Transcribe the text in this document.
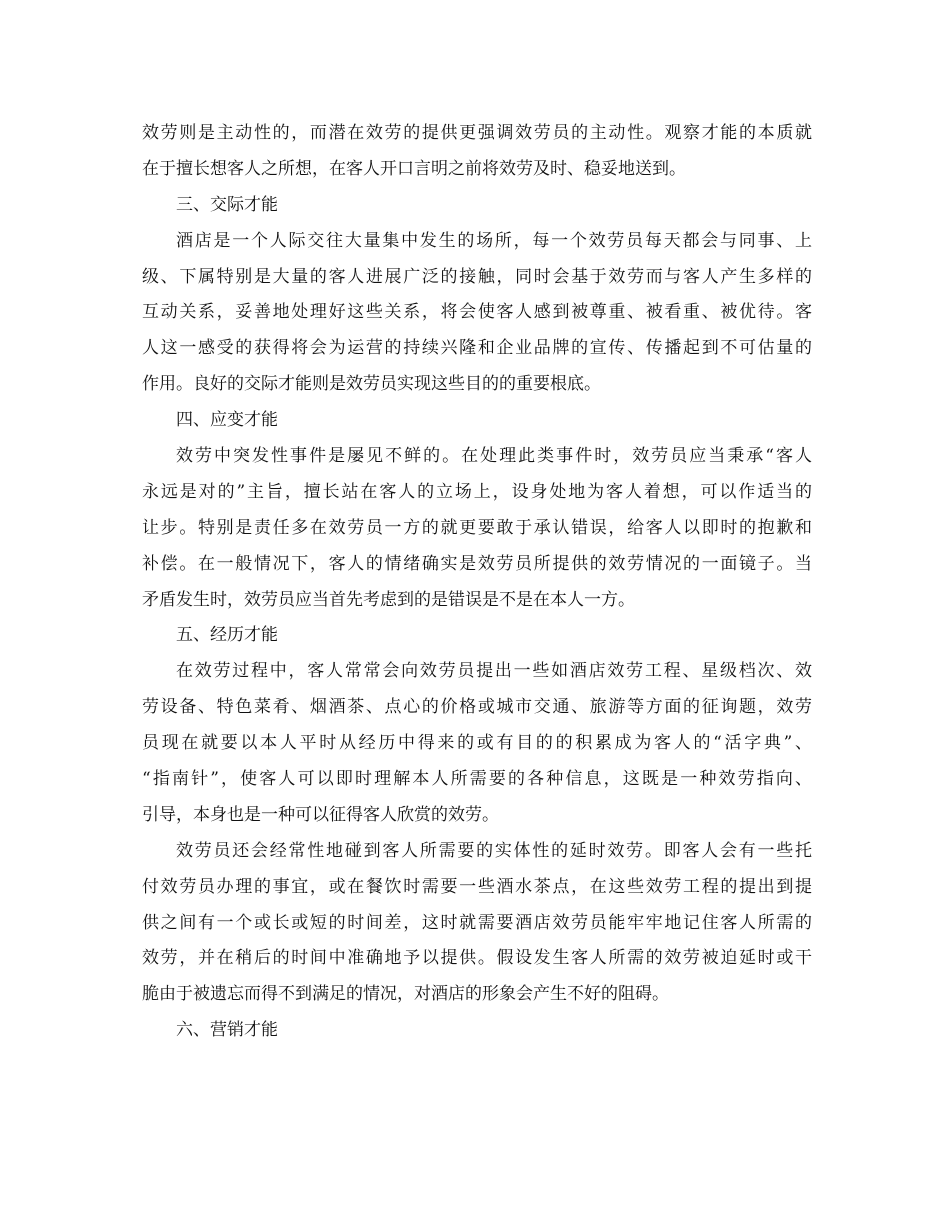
效劳则是主动性的，而潜在效劳的提供更强调效劳员的主动性。观察才能的本质就
在于擅长想客人之所想，在客人开口言明之前将效劳及时、稳妥地送到。
三、交际才能
酒店是一个人际交往大量集中发生的场所，每一个效劳员每天都会与同事、上
级、下属特别是大量的客人进展广泛的接触，同时会基于效劳而与客人产生多样的
互动关系，妥善地处理好这些关系，将会使客人感到被尊重、被看重、被优待。客
人这一感受的获得将会为运营的持续兴隆和企业品牌的宣传、传播起到不可估量的
作用。良好的交际才能则是效劳员实现这些目的的重要根底。
四、应变才能
效劳中突发性事件是屡见不鲜的。在处理此类事件时，效劳员应当秉承“客人
永远是对的”主旨，擅长站在客人的立场上，设身处地为客人着想，可以作适当的
让步。特别是责任多在效劳员一方的就更要敢于承认错误，给客人以即时的抱歉和
补偿。在一般情况下，客人的情绪确实是效劳员所提供的效劳情况的一面镜子。当
矛盾发生时，效劳员应当首先考虑到的是错误是不是在本人一方。
五、经历才能
在效劳过程中，客人常常会向效劳员提出一些如酒店效劳工程、星级档次、效
劳设备、特色菜肴、烟酒茶、点心的价格或城市交通、旅游等方面的征询题，效劳
员现在就要以本人平时从经历中得来的或有目的的积累成为客人的“活字典”、
“指南针”，使客人可以即时理解本人所需要的各种信息，这既是一种效劳指向、
引导，本身也是一种可以征得客人欣赏的效劳。
效劳员还会经常性地碰到客人所需要的实体性的延时效劳。即客人会有一些托
付效劳员办理的事宜，或在餐饮时需要一些酒水茶点，在这些效劳工程的提出到提
供之间有一个或长或短的时间差，这时就需要酒店效劳员能牢牢地记住客人所需的
效劳，并在稍后的时间中准确地予以提供。假设发生客人所需的效劳被迫延时或干
脆由于被遗忘而得不到满足的情况，对酒店的形象会产生不好的阻碍。
六、营销才能
